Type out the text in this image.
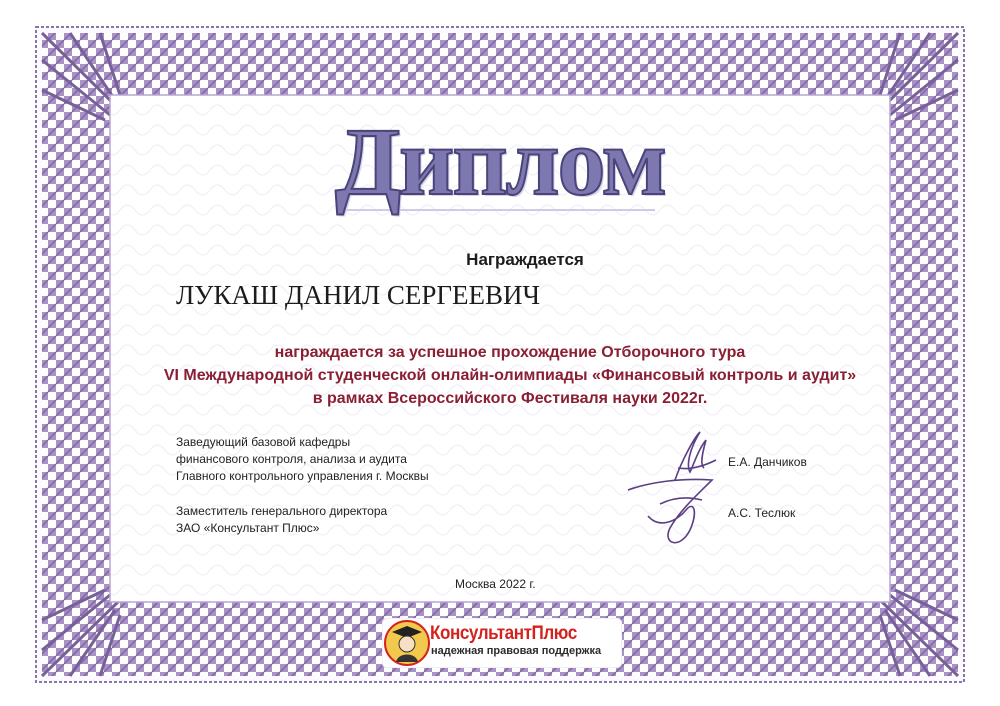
Диплом
Награждается
ЛУКАШ ДАНИЛ СЕРГЕЕВИЧ
награждается за успешное прохождение Отборочного тура
VI Международной студенческой онлайн-олимпиады «Финансовый контроль и аудит»
в рамках Всероссийского Фестиваля науки 2022г.
Заведующий базовой кафедры
финансового контроля, анализа и аудита
Главного контрольного управления г. Москвы
Заместитель генерального директора
ЗАО «Консультант Плюс»
Е.А. Данчиков
А.С. Теслюк
Москва 2022 г.
КонсультантПлюс
надежная правовая поддержка
